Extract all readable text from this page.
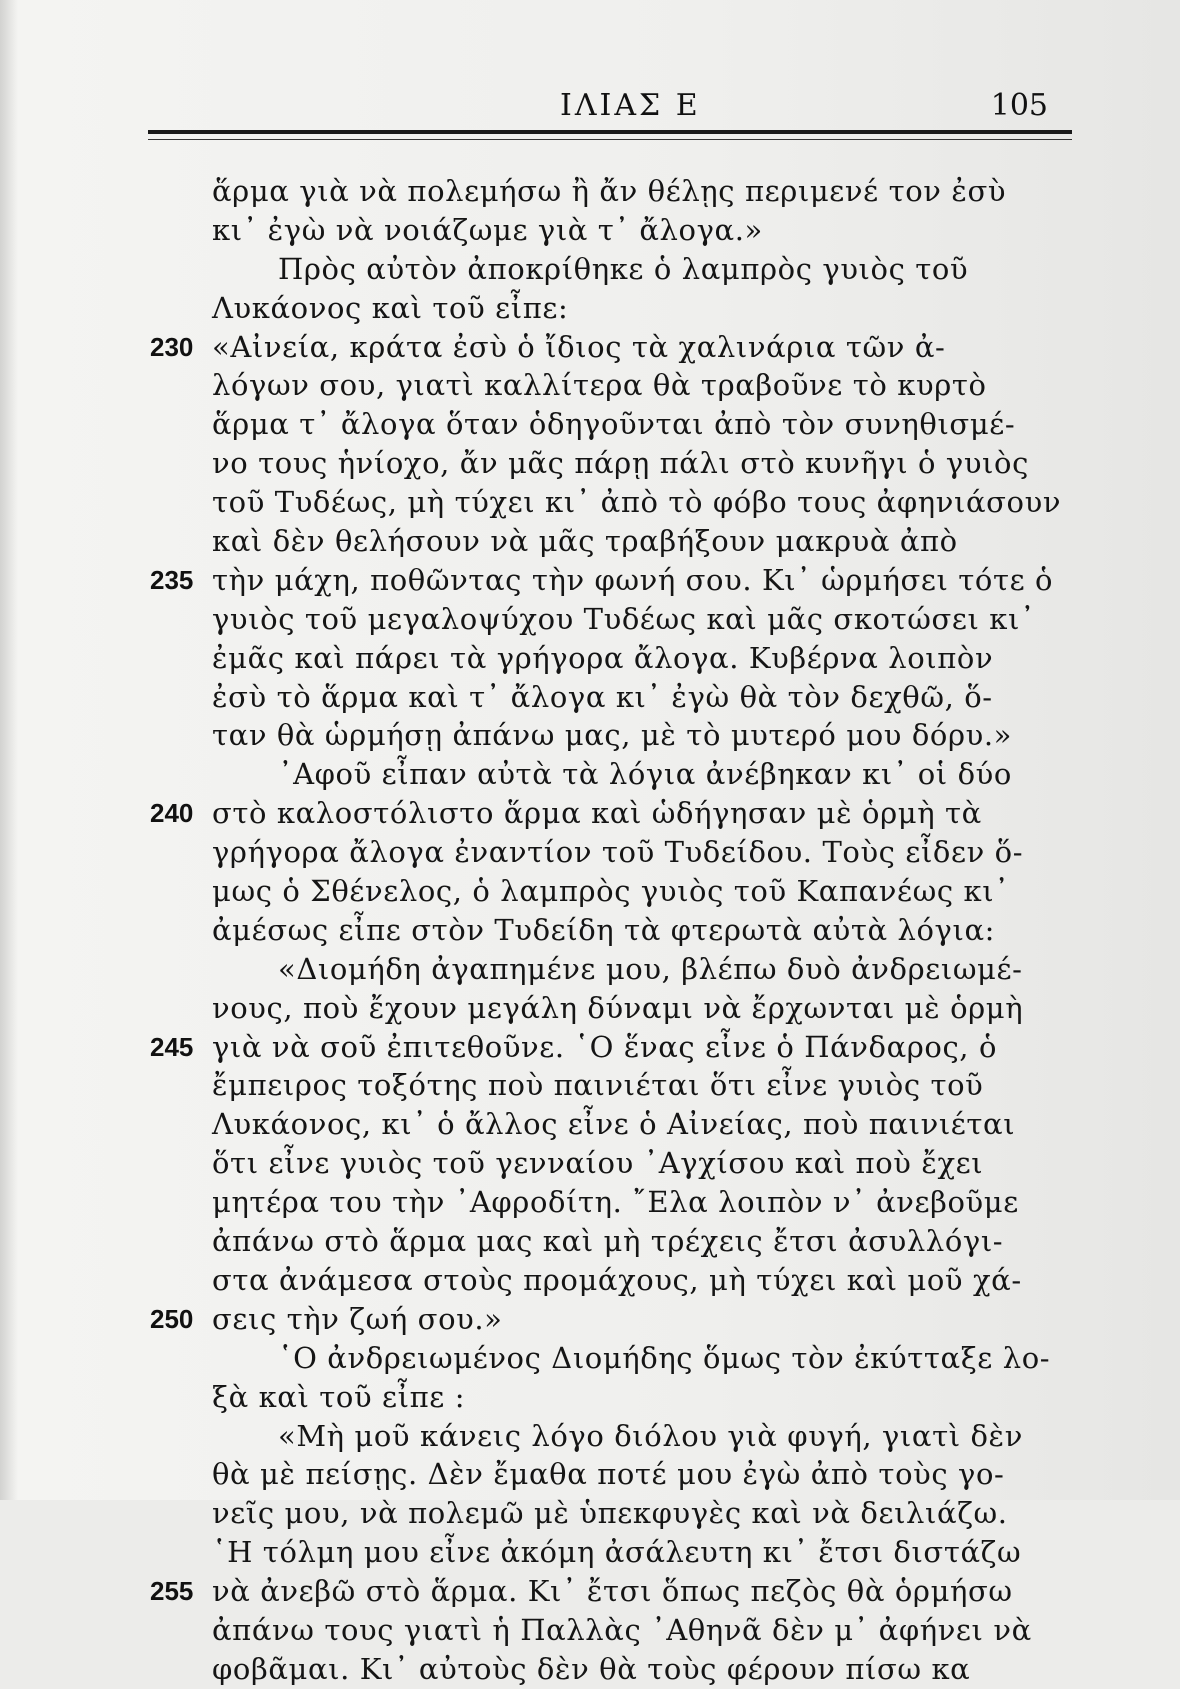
ΙΛΙΑΣ Ε	105
ἅρμα γιὰ νὰ πολεμήσω ἢ ἄν θέλῃς περιμενέ τον ἐσὺ
κι᾽ ἐγὼ νὰ νοιάζωμε γιὰ τ᾽ ἄλογα.»
Πρὸς αὐτὸν ἀποκρίθηκε ὁ λαμπρὸς γυιὸς τοῦ
Λυκάονος καὶ τοῦ εἶπε:
230 «Αἰνεία, κράτα ἐσὺ ὁ ἴδιος τὰ χαλινάρια τῶν ἀ-
λόγων σου, γιατὶ καλλίτερα θὰ τραβοῦνε τὸ κυρτὸ
ἅρμα τ᾽ ἄλογα ὅταν ὁδηγοῦνται ἀπὸ τὸν συνηθισμέ-
νο τους ἡνίοχο, ἄν μᾶς πάρῃ πάλι στὸ κυνῆγι ὁ γυιὸς
τοῦ Τυδέως, μὴ τύχει κι᾽ ἀπὸ τὸ φόβο τους ἀφηνιάσουν
καὶ δὲν θελήσουν νὰ μᾶς τραβήξουν μακρυὰ ἀπὸ
235 τὴν μάχη, ποθῶντας τὴν φωνή σου. Κι᾽ ὡρμήσει τότε ὁ
γυιὸς τοῦ μεγαλοψύχου Τυδέως καὶ μᾶς σκοτώσει κι᾽
ἐμᾶς καὶ πάρει τὰ γρήγορα ἄλογα. Κυβέρνα λοιπὸν
ἐσὺ τὸ ἅρμα καὶ τ᾽ ἄλογα κι᾽ ἐγὼ θὰ τὸν δεχθῶ, ὅ-
ταν θὰ ὡρμήσῃ ἀπάνω μας, μὲ τὸ μυτερό μου δόρυ.»
᾽Αφοῦ εἶπαν αὐτὰ τὰ λόγια ἀνέβηκαν κι᾽ οἱ δύο
240 στὸ καλοστόλιστο ἅρμα καὶ ὡδήγησαν μὲ ὁρμὴ τὰ
γρήγορα ἄλογα ἐναντίον τοῦ Τυδείδου. Τοὺς εἶδεν ὅ-
μως ὁ Σθένελος, ὁ λαμπρὸς γυιὸς τοῦ Καπανέως κι᾽
ἀμέσως εἶπε στὸν Τυδείδη τὰ φτερωτὰ αὐτὰ λόγια:
«Διομήδη ἀγαπημένε μου, βλέπω δυὸ ἀνδρειωμέ-
νους, ποὺ ἔχουν μεγάλη δύναμι νὰ ἔρχωνται μὲ ὁρμὴ
245 γιὰ νὰ σοῦ ἐπιτεθοῦνε. ῾Ο ἕνας εἶνε ὁ Πάνδαρος, ὁ
ἔμπειρος τοξότης ποὺ παινιέται ὅτι εἶνε γυιὸς τοῦ
Λυκάονος, κι᾽ ὁ ἄλλος εἶνε ὁ Αἰνείας, ποὺ παινιέται
ὅτι εἶνε γυιὸς τοῦ γενναίου ᾽Αγχίσου καὶ ποὺ ἔχει
μητέρα του τὴν ᾽Αφροδίτη. ῎Ελα λοιπὸν ν᾽ ἀνεβοῦμε
ἀπάνω στὸ ἅρμα μας καὶ μὴ τρέχεις ἔτσι ἀσυλλόγι-
στα ἀνάμεσα στοὺς προμάχους, μὴ τύχει καὶ μοῦ χά-
250 σεις τὴν ζωή σου.»
῾Ο ἀνδρειωμένος Διομήδης ὅμως τὸν ἐκύτταξε λο-
ξὰ καὶ τοῦ εἶπε :
«Μὴ μοῦ κάνεις λόγο διόλου γιὰ φυγή, γιατὶ δὲν
θὰ μὲ πείσῃς. Δὲν ἔμαθα ποτέ μου ἐγὼ ἀπὸ τοὺς γο-
νεῖς μου, νὰ πολεμῶ μὲ ὑπεκφυγὲς καὶ νὰ δειλιάζω.
῾Η τόλμη μου εἶνε ἀκόμη ἀσάλευτη κι᾽ ἔτσι διστάζω
255 νὰ ἀνεβῶ στὸ ἅρμα. Κι᾽ ἔτσι ὅπως πεζὸς θὰ ὁρμήσω
ἀπάνω τους γιατὶ ἡ Παλλὰς ᾽Αθηνᾶ δὲν μ᾽ ἀφήνει νὰ
φοβᾶμαι. Κι᾽ αὐτοὺς δὲν θὰ τοὺς φέρουν πίσω κα
